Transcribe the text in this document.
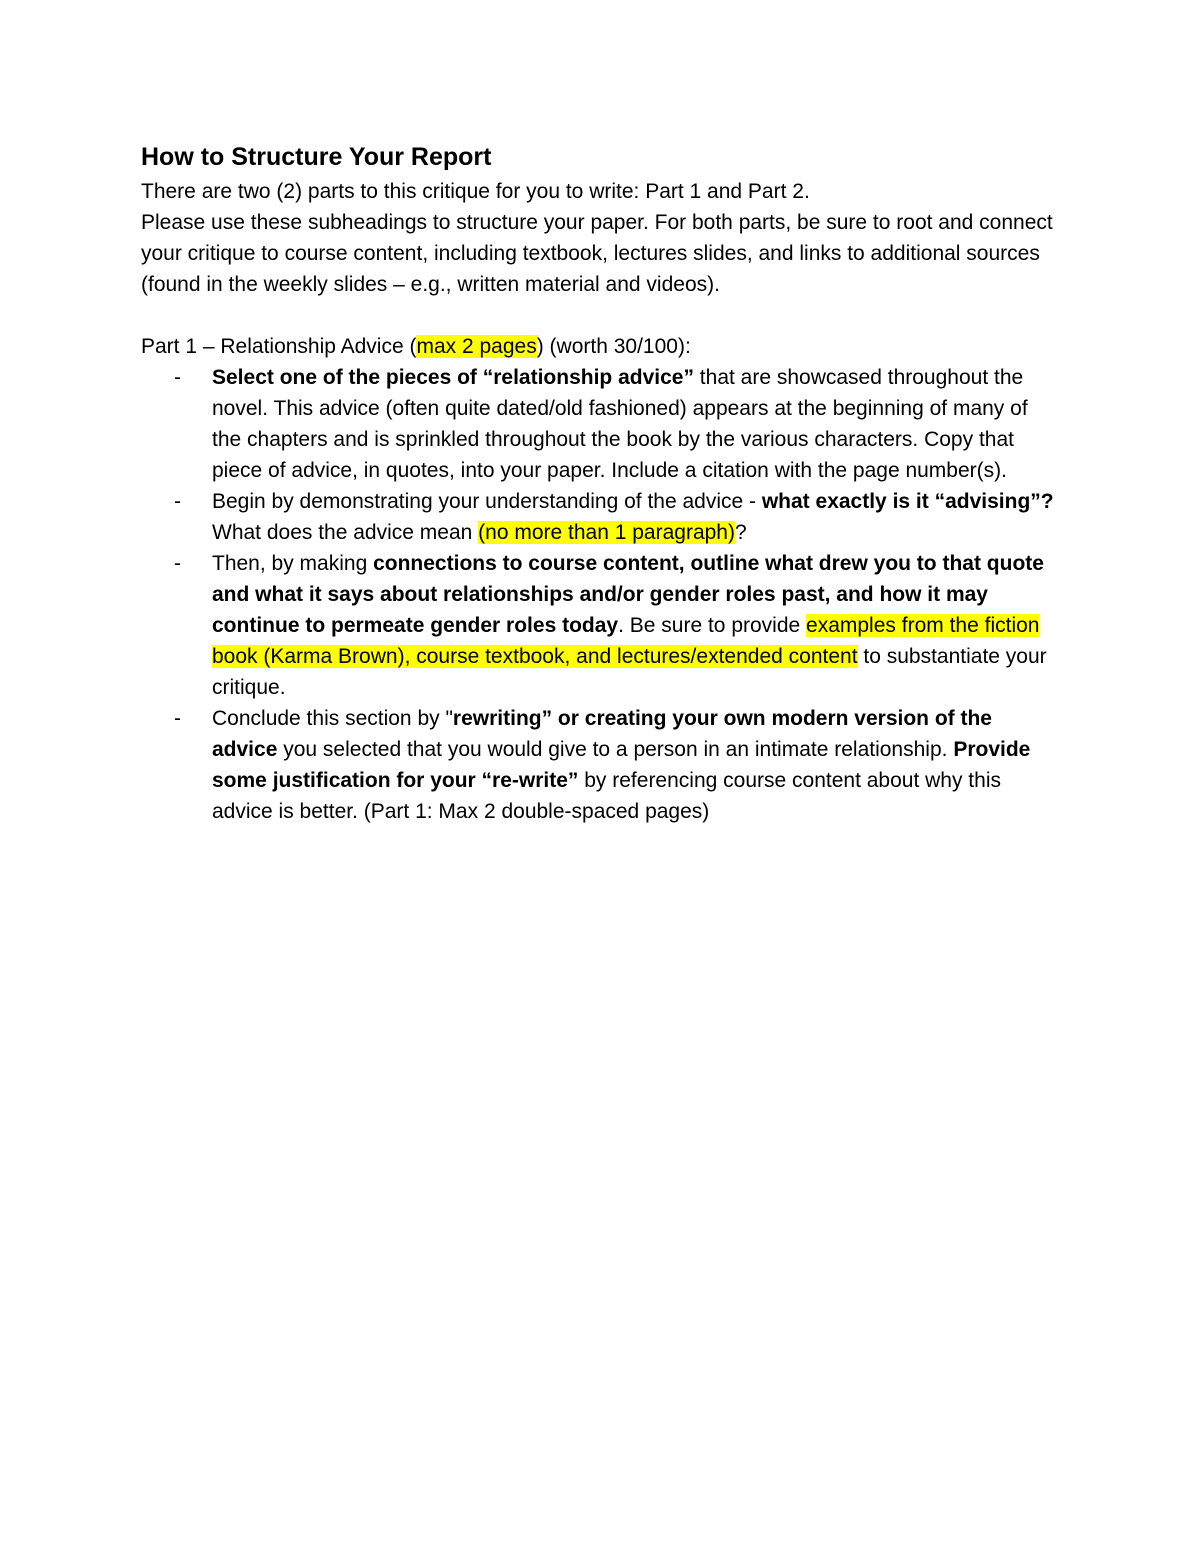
How to Structure Your Report

There are two (2) parts to this critique for you to write: Part 1 and Part 2.

Please use these subheadings to structure your paper. For both parts, be sure to root and connect your critique to course content, including textbook, lectures slides, and links to additional sources (found in the weekly slides – e.g., written material and videos).

Part 1 – Relationship Advice (max 2 pages) (worth 30/100):

- Select one of the pieces of “relationship advice” that are showcased throughout the novel. This advice (often quite dated/old fashioned) appears at the beginning of many of the chapters and is sprinkled throughout the book by the various characters. Copy that piece of advice, in quotes, into your paper. Include a citation with the page number(s).
- Begin by demonstrating your understanding of the advice - what exactly is it “advising”? What does the advice mean (no more than 1 paragraph)?
- Then, by making connections to course content, outline what drew you to that quote and what it says about relationships and/or gender roles past, and how it may continue to permeate gender roles today. Be sure to provide examples from the fiction book (Karma Brown), course textbook, and lectures/extended content to substantiate your critique.
- Conclude this section by "rewriting” or creating your own modern version of the advice you selected that you would give to a person in an intimate relationship. Provide some justification for your “re-write” by referencing course content about why this advice is better. (Part 1: Max 2 double-spaced pages)
